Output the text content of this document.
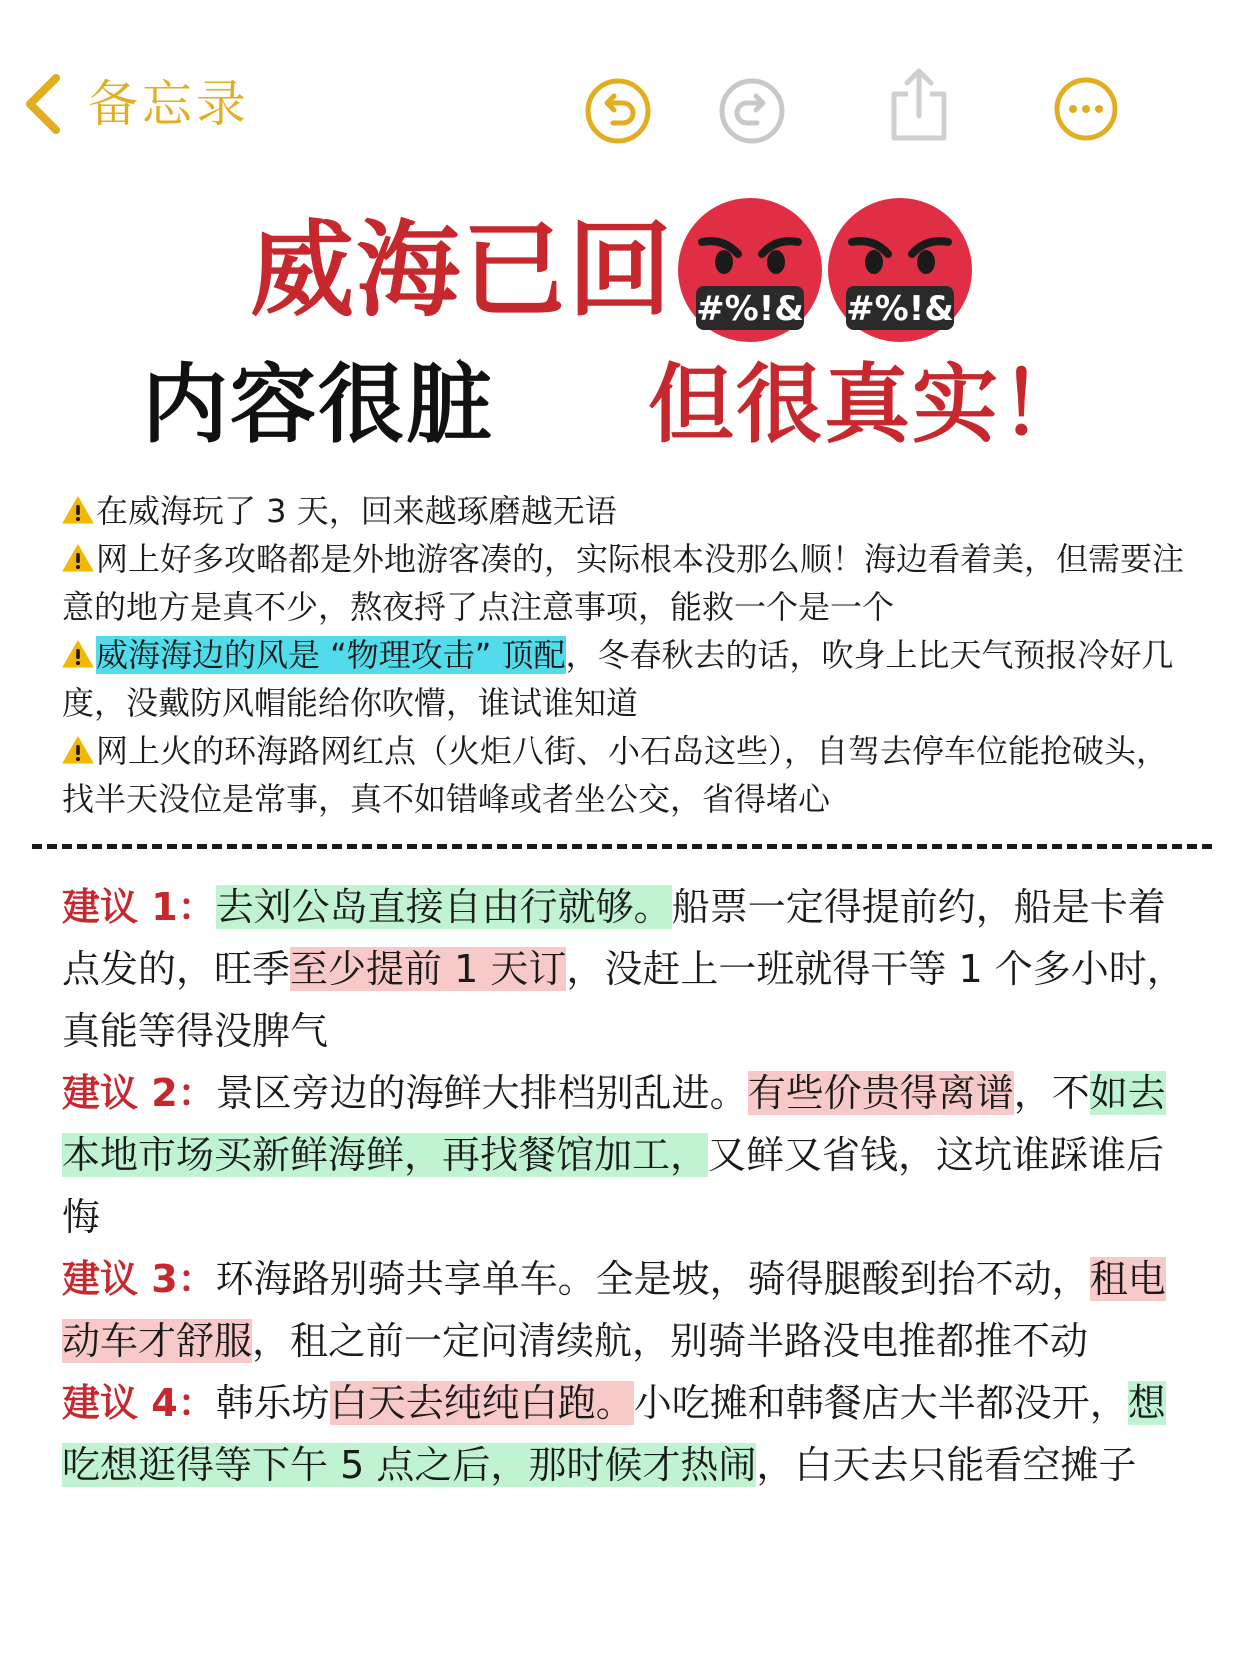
备忘录
威海已回 #%!& #%!&
内容很脏 但很真实！

在威海玩了 3 天，回来越琢磨越无语

网上好多攻略都是外地游客凑的，实际根本没那么顺！海边看着美，但需要注意的地方是真不少，熬夜捋了点注意事项，能救一个是一个

威海海边的风是 “物理攻击” 顶配，冬春秋去的话，吹身上比天气预报冷好几度，没戴防风帽能给你吹懵，谁试谁知道

网上火的环海路网红点（火炬八街、小石岛这些），自驾去停车位能抢破头，找半天没位是常事，真不如错峰或者坐公交，省得堵心

建议 1：去刘公岛直接自由行就够。船票一定得提前约，船是卡着点发的，旺季至少提前 1 天订，没赶上一班就得干等 1 个多小时，真能等得没脾气

建议 2：景区旁边的海鲜大排档别乱进。有些价贵得离谱，不如去本地市场买新鲜海鲜，再找餐馆加工，又鲜又省钱，这坑谁踩谁后悔

建议 3：环海路别骑共享单车。全是坡，骑得腿酸到抬不动，租电动车才舒服，租之前一定问清续航，别骑半路没电推都推不动

建议 4：韩乐坊白天去纯纯白跑。小吃摊和韩餐店大半都没开，想吃想逛得等下午 5 点之后，那时候才热闹，白天去只能看空摊子
